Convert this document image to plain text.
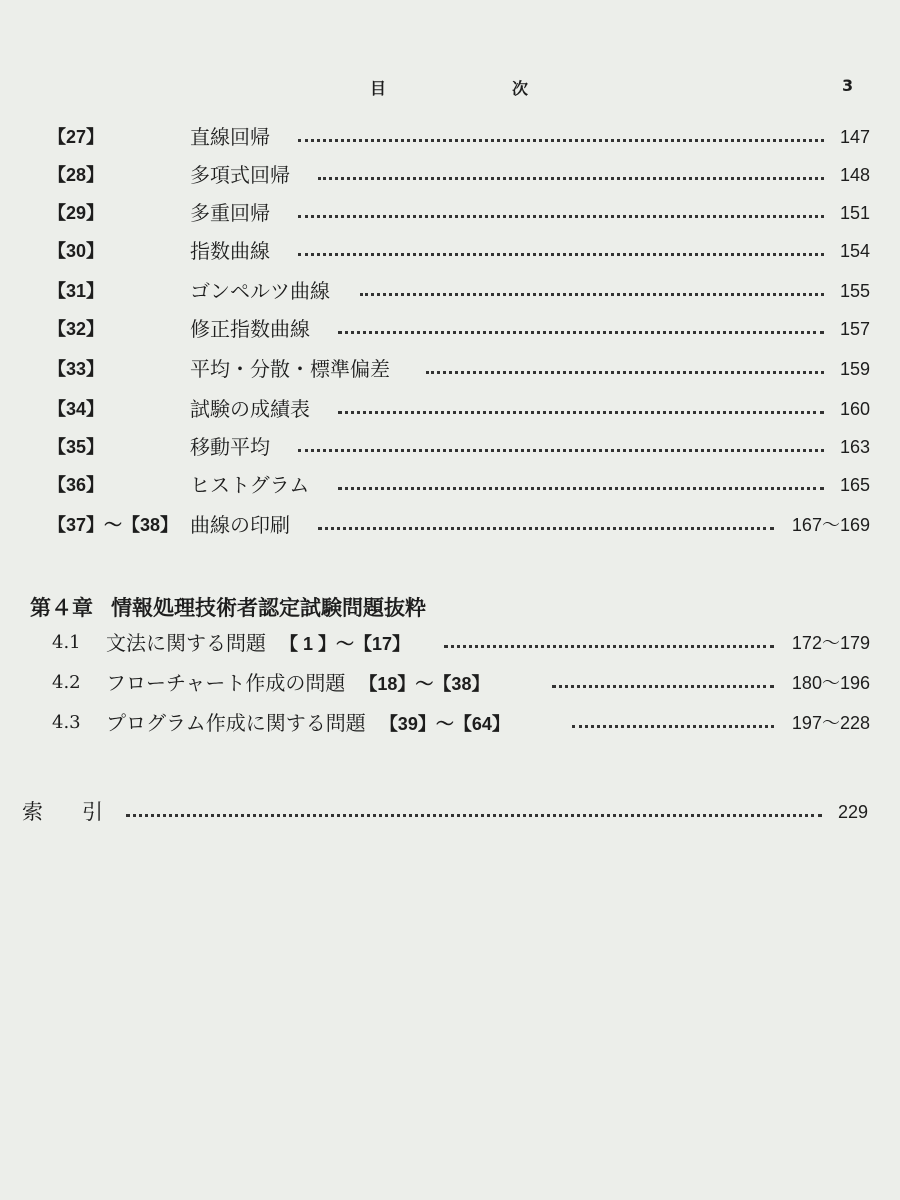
目	次	3
【27】	直線回帰	147
【28】	多項式回帰	148
【29】	多重回帰	151
【30】	指数曲線	154
【31】	ゴンペルツ曲線	155
【32】	修正指数曲線	157
【33】	平均・分散・標準偏差	159
【34】	試験の成績表	160
【35】	移動平均	163
【36】	ヒストグラム	165
【37】〜【38】 曲線の印刷	167〜169
第４章 情報処理技術者認定試験問題抜粋
4.1 文法に関する問題 【 1 】〜【17】	172〜179
4.2 フローチャート作成の問題 【18】〜【38】	180〜196
4.3 プログラム作成に関する問題 【39】〜【64】	197〜228
索 引	229
